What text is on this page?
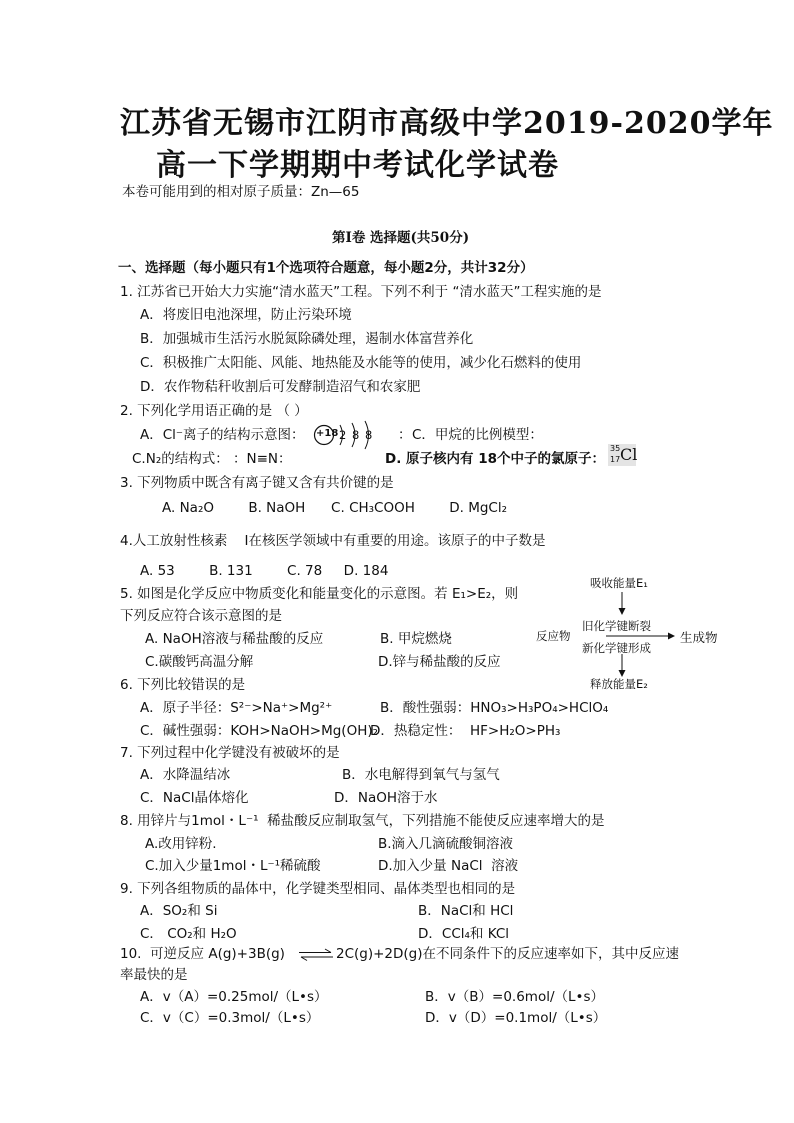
江苏省无锡市江阴市高级中学2019-2020学年
高一下学期期中考试化学试卷
本卷可能用到的相对原子质量：Zn—65
第Ⅰ卷 选择题(共50分)
一、选择题（每小题只有1个选项符合题意，每小题2分，共计32分）
1. 江苏省已开始大力实施“清水蓝天”工程。下列不利于 “清水蓝天”工程实施的是
A．将废旧电池深埋，防止污染环境
B．加强城市生活污水脱氮除磷处理，遏制水体富营养化
C．积极推广太阳能、风能、地热能及水能等的使用，减少化石燃料的使用
D．农作物秸秆收割后可发酵制造沼气和农家肥
2. 下列化学用语正确的是 （ ）
A．Cl⁻离子的结构示意图： +18 2 8 8 ： C．甲烷的比例模型：
C.N₂的结构式： ：N≡N：	D. 原子核内有 18个中子的氯原子：
35
17 Cl
3. 下列物质中既含有离子键又含有共价键的是
A. Na₂O        B. NaOH      C. CH₃COOH        D. MgCl₂
4.人工放射性核素    I在核医学领域中有重要的用途。该原子的中子数是
A. 53        B. 131        C. 78     D. 184
5. 如图是化学反应中物质变化和能量变化的示意图。若 E₁>E₂，则
下列反应符合该示意图的是
A. NaOH溶液与稀盐酸的反应	B. 甲烷燃烧
C.碳酸钙高温分解	D.锌与稀盐酸的反应
吸收能量E₁
旧化学键断裂
反应物	生成物
新化学键形成
释放能量E₂
6. 下列比较错误的是
A．原子半径：S²⁻>Na⁺>Mg²⁺	B．酸性强弱：HNO₃>H₃PO₄>HClO₄
C．碱性强弱：KOH>NaOH>Mg(OH)₂
D．热稳定性：  HF>H₂O>PH₃
7. 下列过程中化学键没有被破坏的是
A．水降温结冰	B．水电解得到氧气与氢气
C．NaCl晶体熔化	D．NaOH溶于水
8. 用锌片与1mol・L⁻¹  稀盐酸反应制取氢气，下列措施不能使反应速率增大的是
A.改用锌粉.	B.滴入几滴硫酸铜溶液
C.加入少量1mol・L⁻¹稀硫酸	D.加入少量 NaCl  溶液
9. 下列各组物质的晶体中，化学键类型相同、晶体类型也相同的是
A．SO₂和 Si	B．NaCl和 HCl
C． CO₂和 H₂O	D．CCl₄和 KCl
10.  可逆反应 A(g)+3B(g) ⇌ 2C(g)+2D(g)在不同条件下的反应速率如下，其中反应速
率最快的是
A．v（A）=0.25mol/（L•s）	B．v（B）=0.6mol/（L•s）
C．v（C）=0.3mol/（L•s）	D．v（D）=0.1mol/（L•s）
